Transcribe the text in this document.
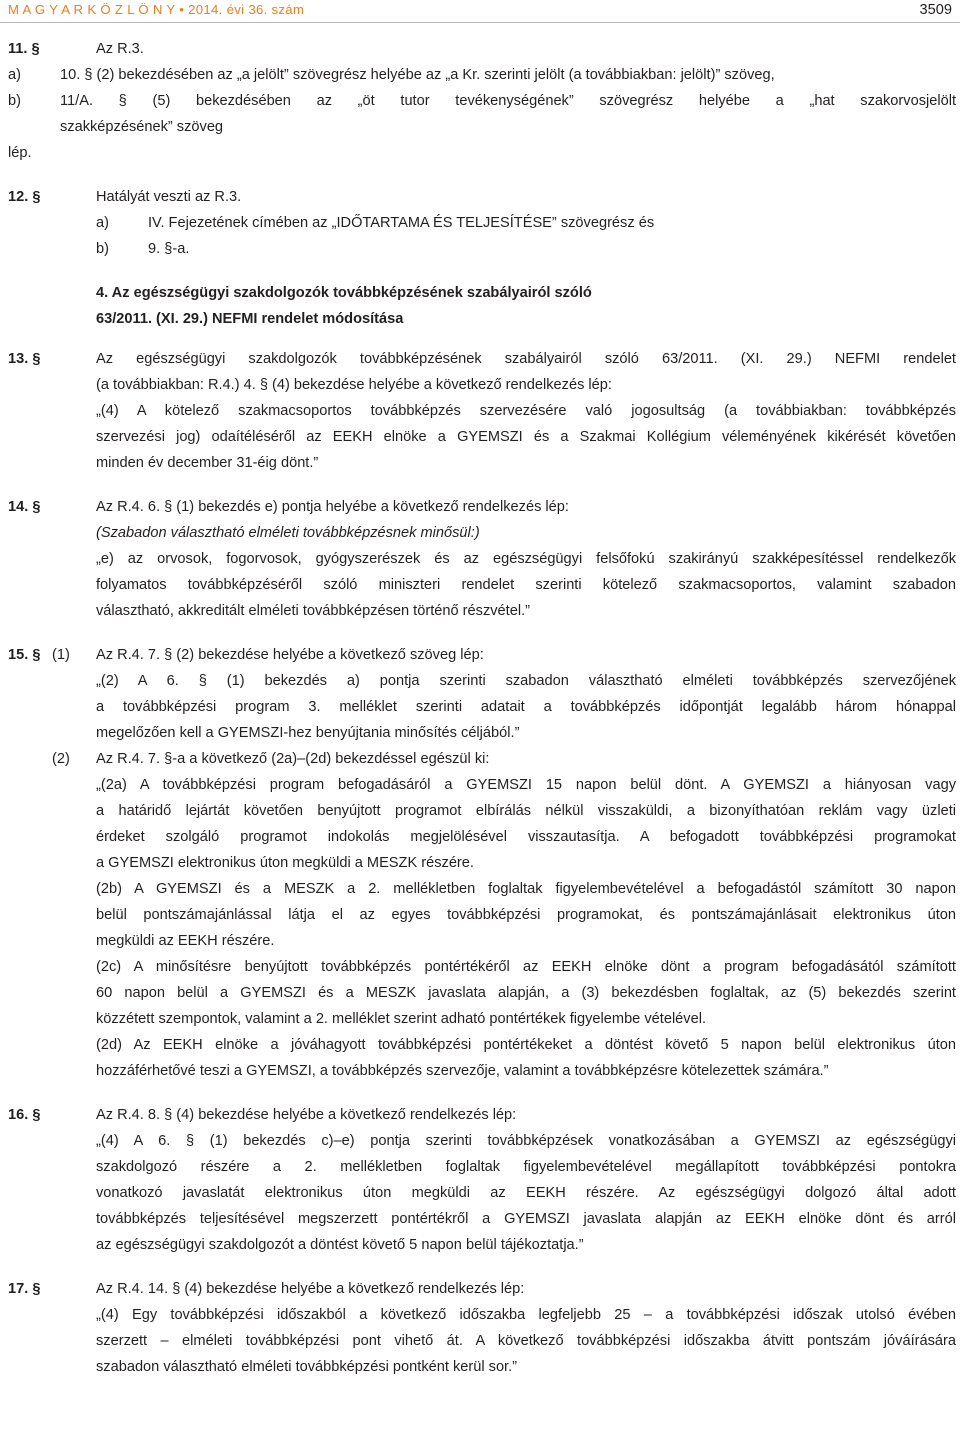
M A G Y A R K Ö Z L Ö N Y • 2014. évi 36. szám	3509
11. §	Az R.3.
a)	10. § (2) bekezdésében az „a jelölt” szövegrész helyébe az „a Kr. szerinti jelölt (a továbbiakban: jelölt)” szöveg,
b)	11/A. § (5) bekezdésében az „öt tutor tevékenységének” szövegrész helyébe a „hat szakorvosjelölt
szakképzésének” szöveg
lép.
12. §	Hatályát veszti az R.3.
a)	IV. Fejezetének címében az „IDŐTARTAMA ÉS TELJESÍTÉSE” szövegrész és
b)	9. §-a.
4. Az egészségügyi szakdolgozók továbbképzésének szabályairól szóló
63/2011. (XI. 29.) NEFMI rendelet módosítása
13. §	Az egészségügyi szakdolgozók továbbképzésének szabályairól szóló 63/2011. (XI. 29.) NEFMI rendelet
(a továbbiakban: R.4.) 4. § (4) bekezdése helyébe a következő rendelkezés lép:
„(4) A kötelező szakmacsoportos továbbképzés szervezésére való jogosultság (a továbbiakban: továbbképzés
szervezési jog) odaítéléséről az EEKH elnöke a GYEMSZI és a Szakmai Kollégium véleményének kikérését követően
minden év december 31-éig dönt.”
14. §	Az R.4. 6. § (1) bekezdés e) pontja helyébe a következő rendelkezés lép:
(Szabadon választható elméleti továbbképzésnek minősül:)
„e) az orvosok, fogorvosok, gyógyszerészek és az egészségügyi felsőfokú szakirányú szakképesítéssel rendelkezők
folyamatos továbbképzéséről szóló miniszteri rendelet szerinti kötelező szakmacsoportos, valamint szabadon
választható, akkreditált elméleti továbbképzésen történő részvétel.”
15. § (1)	Az R.4. 7. § (2) bekezdése helyébe a következő szöveg lép:
„(2) A 6. § (1) bekezdés a) pontja szerinti szabadon választható elméleti továbbképzés szervezőjének
a továbbképzési program 3. melléklet szerinti adatait a továbbképzés időpontját legalább három hónappal
megelőzően kell a GYEMSZI-hez benyújtania minősítés céljából.”
(2)	Az R.4. 7. §-a a következő (2a)–(2d) bekezdéssel egészül ki:
„(2a) A továbbképzési program befogadásáról a GYEMSZI 15 napon belül dönt. A GYEMSZI a hiányosan vagy
a határidő lejártát követően benyújtott programot elbírálás nélkül visszaküldi, a bizonyíthatóan reklám vagy üzleti
érdeket szolgáló programot indokolás megjelölésével visszautasítja. A befogadott továbbképzési programokat
a GYEMSZI elektronikus úton megküldi a MESZK részére.
(2b) A GYEMSZI és a MESZK a 2. mellékletben foglaltak figyelembevételével a befogadástól számított 30 napon
belül pontszámajánlással látja el az egyes továbbképzési programokat, és pontszámajánlásait elektronikus úton
megküldi az EEKH részére.
(2c) A minősítésre benyújtott továbbképzés pontértékéről az EEKH elnöke dönt a program befogadásától számított
60 napon belül a GYEMSZI és a MESZK javaslata alapján, a (3) bekezdésben foglaltak, az (5) bekezdés szerint
közzétett szempontok, valamint a 2. melléklet szerint adható pontértékek figyelembe vételével.
(2d) Az EEKH elnöke a jóváhagyott továbbképzési pontértékeket a döntést követő 5 napon belül elektronikus úton
hozzáférhetővé teszi a GYEMSZI, a továbbképzés szervezője, valamint a továbbképzésre kötelezettek számára.”
16. §	Az R.4. 8. § (4) bekezdése helyébe a következő rendelkezés lép:
„(4) A 6. § (1) bekezdés c)–e) pontja szerinti továbbképzések vonatkozásában a GYEMSZI az egészségügyi
szakdolgozó részére a 2. mellékletben foglaltak figyelembevételével megállapított továbbképzési pontokra
vonatkozó javaslatát elektronikus úton megküldi az EEKH részére. Az egészségügyi dolgozó által adott
továbbképzés teljesítésével megszerzett pontértékről a GYEMSZI javaslata alapján az EEKH elnöke dönt és arról
az egészségügyi szakdolgozót a döntést követő 5 napon belül tájékoztatja.”
17. §	Az R.4. 14. § (4) bekezdése helyébe a következő rendelkezés lép:
„(4) Egy továbbképzési időszakból a következő időszakba legfeljebb 25 – a továbbképzési időszak utolsó évében
szerzett – elméleti továbbképzési pont vihető át. A következő továbbképzési időszakba átvitt pontszám jóváírására
szabadon választható elméleti továbbképzési pontként kerül sor.”
